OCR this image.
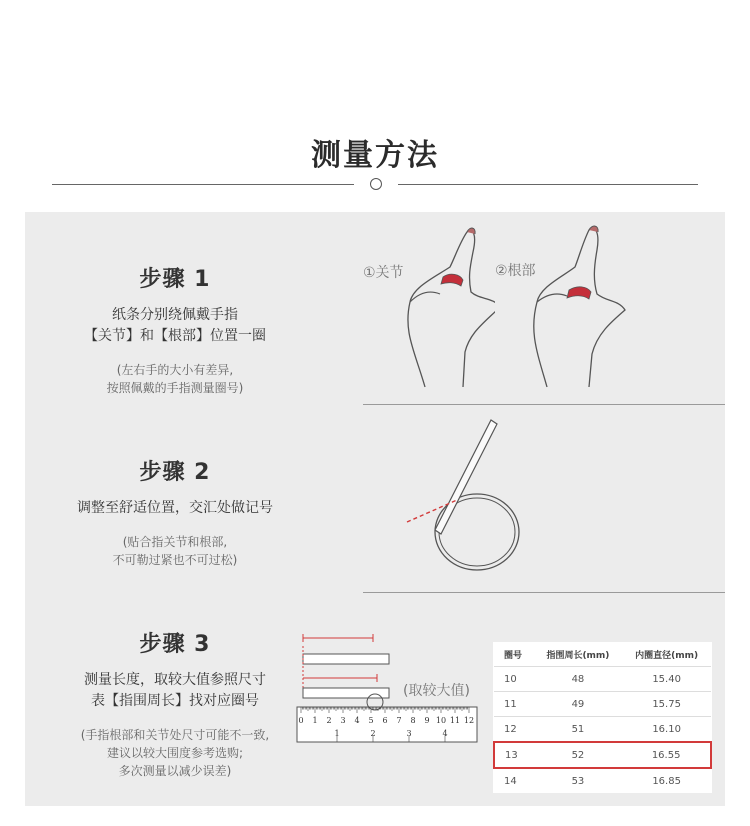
测量方法
步骤 1
纸条分别绕佩戴手指
【关节】和【根部】位置一圈
(左右手的大小有差异,
按照佩戴的手指测量圈号)
①关节	②根部
步骤 2
调整至舒适位置，交汇处做记号
(贴合指关节和根部,
不可勒过紧也不可过松)
步骤 3
测量长度，取较大值参照尺寸
表【指围周长】找对应圈号
(手指根部和关节处尺寸可能不一致,
建议以较大围度参考选购;
多次测量以减少误差)
0 1 2 3 4 5 6 7 8 9 10 11 12
1	2	3	4
(取较大值)
圈号	指围周长(mm)	内圈直径(mm)
10	48	15.40
11	49	15.75
12	51	16.10
13	52	16.55
14	53	16.85
